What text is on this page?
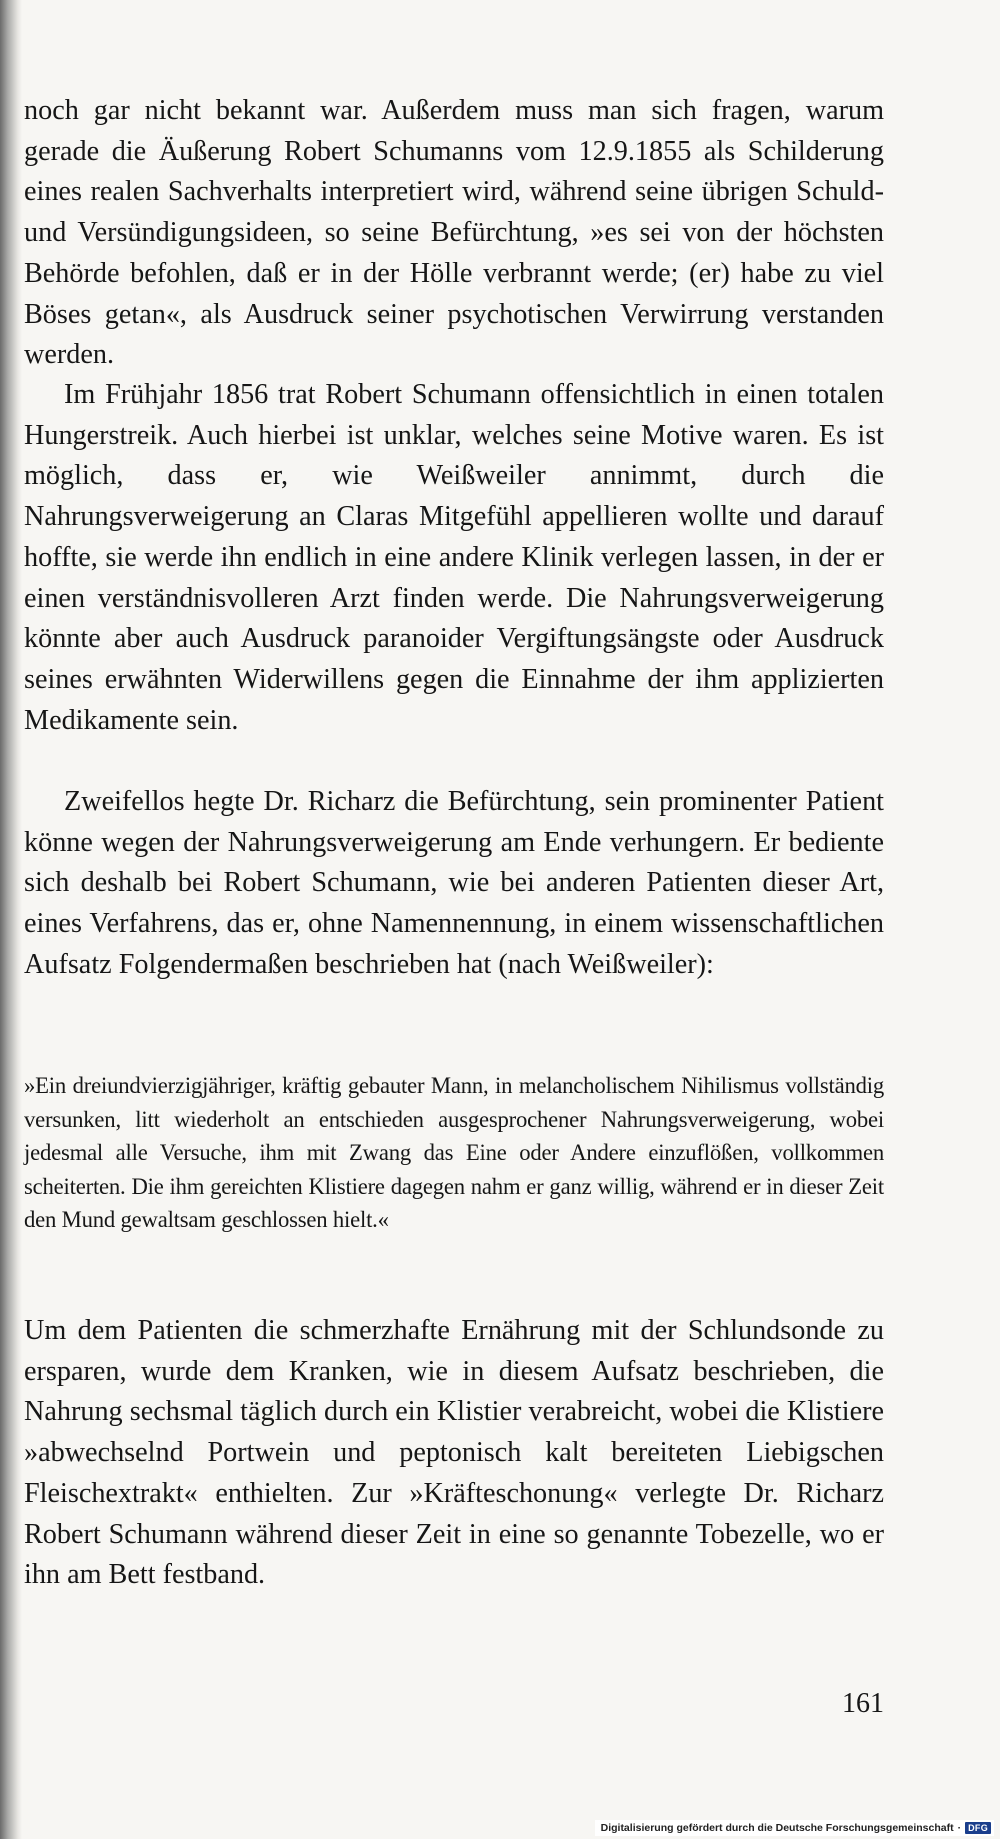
noch gar nicht bekannt war. Außerdem muss man sich fragen, warum gerade die Äußerung Robert Schumanns vom 12.9.1855 als Schilderung eines realen Sachverhalts interpretiert wird, während seine übrigen Schuld- und Versündigungsideen, so seine Befürchtung, »es sei von der höchsten Behörde befohlen, daß er in der Hölle verbrannt werde; (er) habe zu viel Böses getan«, als Ausdruck seiner psychotischen Verwirrung verstanden werden.

Im Frühjahr 1856 trat Robert Schumann offensichtlich in einen totalen Hungerstreik. Auch hierbei ist unklar, welches seine Motive waren. Es ist möglich, dass er, wie Weißweiler annimmt, durch die Nahrungsverweigerung an Claras Mitgefühl appellieren wollte und darauf hoffte, sie werde ihn endlich in eine andere Klinik verlegen lassen, in der er einen verständnisvolleren Arzt finden werde. Die Nahrungsverweigerung könnte aber auch Ausdruck paranoider Vergiftungsängste oder Ausdruck seines erwähnten Widerwillens gegen die Einnahme der ihm applizierten Medikamente sein.

Zweifellos hegte Dr. Richarz die Befürchtung, sein prominenter Patient könne wegen der Nahrungsverweigerung am Ende verhungern. Er bediente sich deshalb bei Robert Schumann, wie bei anderen Patienten dieser Art, eines Verfahrens, das er, ohne Namennennung, in einem wissenschaftlichen Aufsatz Folgendermaßen beschrieben hat (nach Weißweiler):

»Ein dreiundvierzigjähriger, kräftig gebauter Mann, in melancholischem Nihilismus vollständig versunken, litt wiederholt an entschieden ausgesprochener Nahrungsverweigerung, wobei jedesmal alle Versuche, ihm mit Zwang das Eine oder Andere einzuflößen, vollkommen scheiterten. Die ihm gereichten Klistiere dagegen nahm er ganz willig, während er in dieser Zeit den Mund gewaltsam geschlossen hielt.«

Um dem Patienten die schmerzhafte Ernährung mit der Schlundsonde zu ersparen, wurde dem Kranken, wie in diesem Aufsatz beschrieben, die Nahrung sechsmal täglich durch ein Klistier verabreicht, wobei die Klistiere »abwechselnd Portwein und peptonisch kalt bereiteten Liebigschen Fleischextrakt« enthielten. Zur »Kräfteschonung« verlegte Dr. Richarz Robert Schumann während dieser Zeit in eine so genannte Tobezelle, wo er ihn am Bett festband.

161
Digitalisierung gefördert durch die Deutsche Forschungsgemeinschaft · DFG
